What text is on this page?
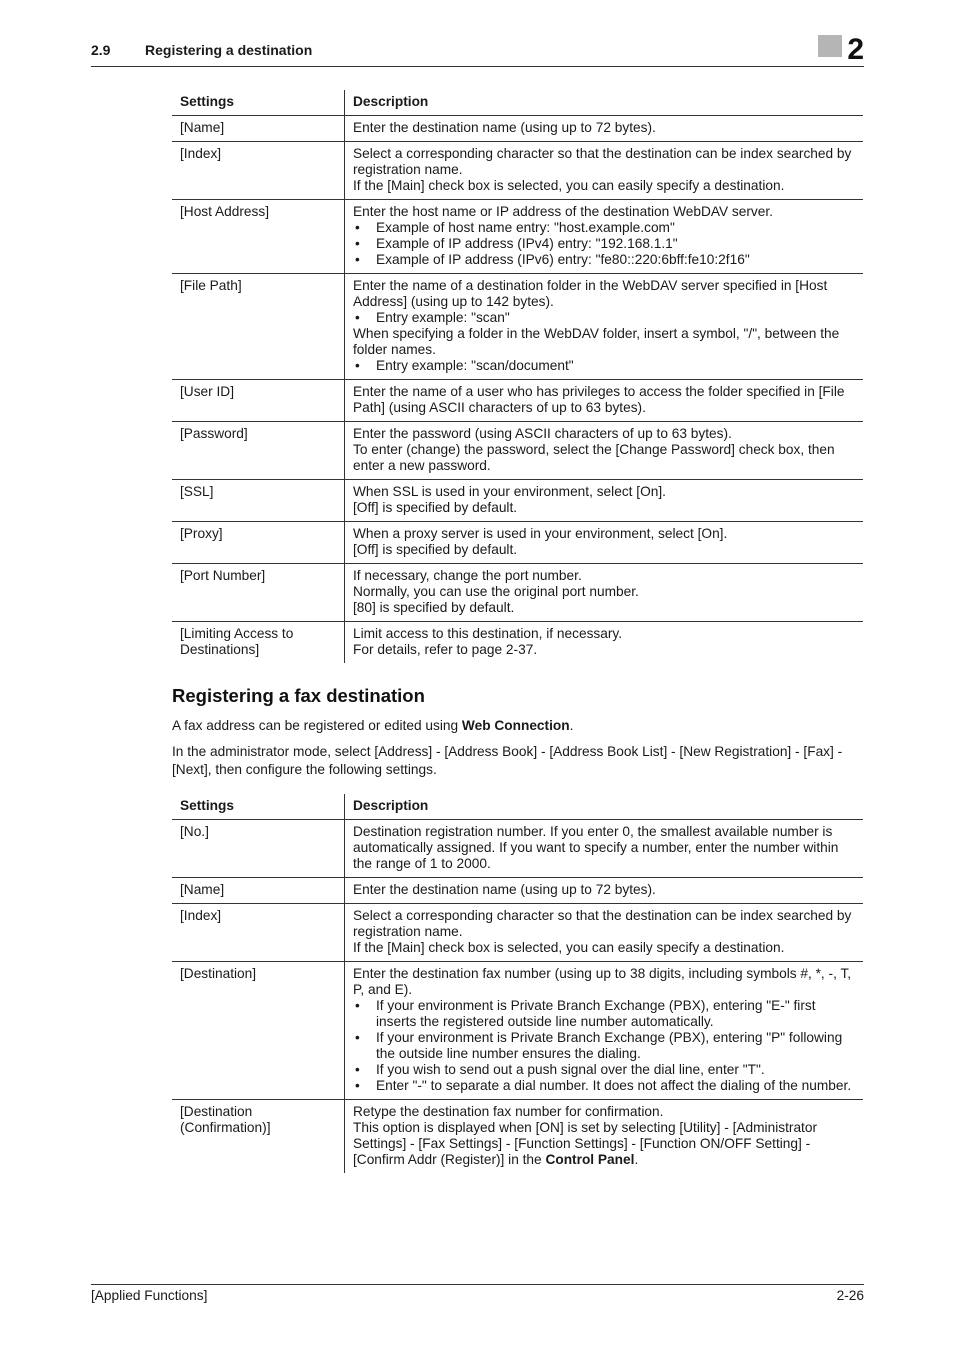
2.9 Registering a destination	2
Settings	Description
[Name]	Enter the destination name (using up to 72 bytes).

[Index]	Select a corresponding character so that the destination can be index searched by registration name.
If the [Main] check box is selected, you can easily specify a destination.

[Host Address]	Enter the host name or IP address of the destination WebDAV server.
• Example of host name entry: "host.example.com"
• Example of IP address (IPv4) entry: "192.168.1.1"
• Example of IP address (IPv6) entry: "fe80::220:6bff:fe10:2f16"

[File Path]	Enter the name of a destination folder in the WebDAV server specified in [Host Address] (using up to 142 bytes).
• Entry example: "scan"
When specifying a folder in the WebDAV folder, insert a symbol, "/", between the folder names.
• Entry example: "scan/document"

[User ID]	Enter the name of a user who has privileges to access the folder specified in [File Path] (using ASCII characters of up to 63 bytes).

[Password]	Enter the password (using ASCII characters of up to 63 bytes).
To enter (change) the password, select the [Change Password] check box, then enter a new password.

[SSL]	When SSL is used in your environment, select [On].
[Off] is specified by default.

[Proxy]	When a proxy server is used in your environment, select [On].
[Off] is specified by default.

[Port Number]	If necessary, change the port number.
Normally, you can use the original port number.
[80] is specified by default.

[Limiting Access to Destinations]	Limit access to this destination, if necessary.
For details, refer to page 2-37.
Registering a fax destination
A fax address can be registered or edited using Web Connection.
In the administrator mode, select [Address] - [Address Book] - [Address Book List] - [New Registration] - [Fax] - [Next], then configure the following settings.
Settings	Description
[No.]	Destination registration number. If you enter 0, the smallest available number is automatically assigned. If you want to specify a number, enter the number within the range of 1 to 2000.

[Name]	Enter the destination name (using up to 72 bytes).

[Index]	Select a corresponding character so that the destination can be index searched by registration name.
If the [Main] check box is selected, you can easily specify a destination.

[Destination]	Enter the destination fax number (using up to 38 digits, including symbols #, *, -, T, P, and E).
• If your environment is Private Branch Exchange (PBX), entering "E-" first inserts the registered outside line number automatically.
• If your environment is Private Branch Exchange (PBX), entering "P" following the outside line number ensures the dialing.
• If you wish to send out a push signal over the dial line, enter "T".
• Enter "-" to separate a dial number. It does not affect the dialing of the number.

[Destination (Confirmation)]	Retype the destination fax number for confirmation.
This option is displayed when [ON] is set by selecting [Utility] - [Administrator Settings] - [Fax Settings] - [Function Settings] - [Function ON/OFF Setting] - [Confirm Addr (Register)] in the Control Panel.
[Applied Functions]	2-26
